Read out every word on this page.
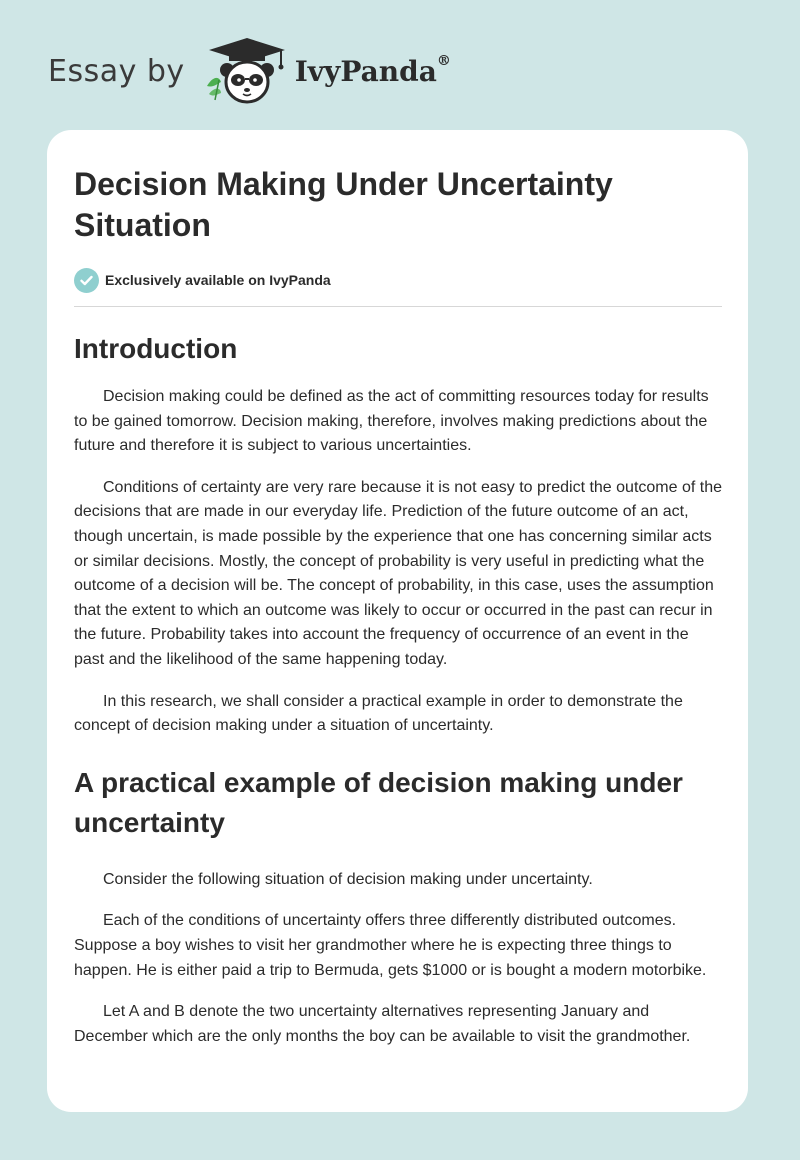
Essay by	IvyPanda®
Decision Making Under Uncertainty Situation
Exclusively available on IvyPanda
Introduction

Decision making could be defined as the act of committing resources today for results to be gained tomorrow. Decision making, therefore, involves making predictions about the future and therefore it is subject to various uncertainties.

Conditions of certainty are very rare because it is not easy to predict the outcome of the decisions that are made in our everyday life. Prediction of the future outcome of an act, though uncertain, is made possible by the experience that one has concerning similar acts or similar decisions. Mostly, the concept of probability is very useful in predicting what the outcome of a decision will be. The concept of probability, in this case, uses the assumption that the extent to which an outcome was likely to occur or occurred in the past can recur in the future. Probability takes into account the frequency of occurrence of an event in the past and the likelihood of the same happening today.

In this research, we shall consider a practical example in order to demonstrate the concept of decision making under a situation of uncertainty.

A practical example of decision making under uncertainty

Consider the following situation of decision making under uncertainty.

Each of the conditions of uncertainty offers three differently distributed outcomes. Suppose a boy wishes to visit her grandmother where he is expecting three things to happen. He is either paid a trip to Bermuda, gets $1000 or is bought a modern motorbike.

Let A and B denote the two uncertainty alternatives representing January and December which are the only months the boy can be available to visit the grandmother.
